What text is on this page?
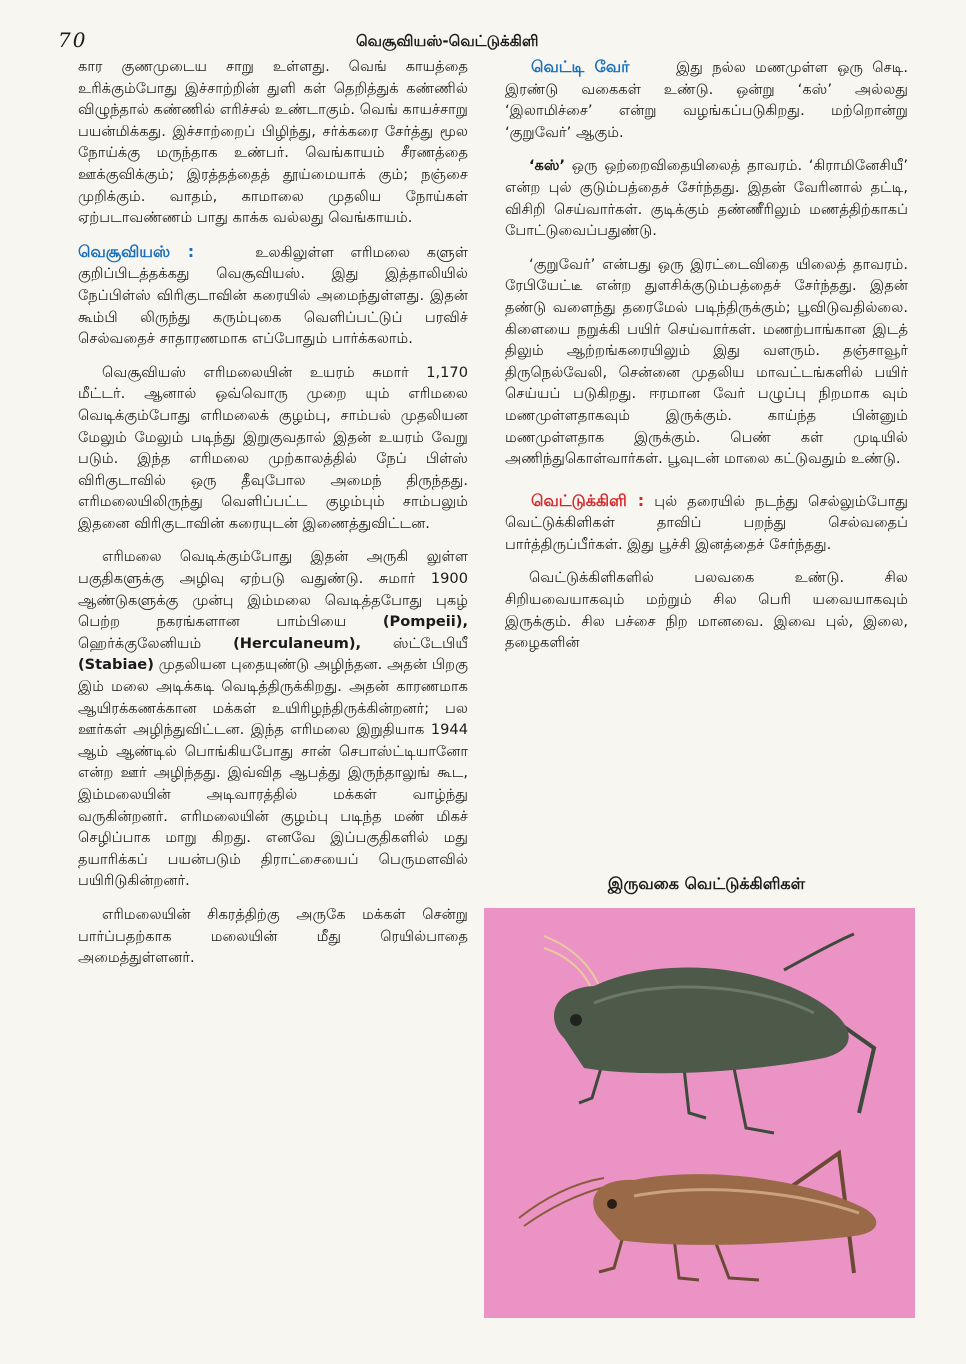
70	வெசூவியஸ்-வெட்டுக்கிளி

கார குணமுடைய சாறு உள்ளது. வெங் காயத்தை உரிக்கும்போது இச்சாற்றின் துளி கள் தெறித்துக் கண்ணில் விழுந்தால் கண்ணில் எரிச்சல் உண்டாகும். வெங் காயச்சாறு பயன்மிக்கது. இச்சாற்றைப் பிழிந்து, சர்க்கரை சேர்த்து மூல நோய்க்கு மருந்தாக உண்பர். வெங்காயம் சீரணத்தை ஊக்குவிக்கும்; இரத்தத்தைத் தூய்மையாக் கும்; நஞ்சை முறிக்கும். வாதம், காமாலை முதலிய நோய்கள் ஏற்படாவண்ணம் பாது காக்க வல்லது வெங்காயம்.

வெசூவியஸ் :	உலகிலுள்ள எரிமலை களுள் குறிப்பிடத்தக்கது வெசூவியஸ். இது இத்தாலியில் நேப்பிள்ஸ் விரிகுடாவின் கரையில் அமைந்துள்ளது. இதன் கூம்பி லிருந்து கரும்புகை வெளிப்பட்டுப் பரவிச் செல்வதைச் சாதாரணமாக எப்போதும் பார்க்கலாம்.

வெசூவியஸ் எரிமலையின் உயரம் சுமார் 1,170 மீட்டர். ஆனால் ஒவ்வொரு முறை யும் எரிமலை வெடிக்கும்போது எரிமலைக் குழம்பு, சாம்பல் முதலியன மேலும் மேலும் படிந்து இறுகுவதால் இதன் உயரம் வேறு படும். இந்த எரிமலை முற்காலத்தில் நேப் பிள்ஸ் விரிகுடாவில் ஒரு தீவுபோல அமைந் திருந்தது. எரிமலையிலிருந்து வெளிப்பட்ட குழம்பும் சாம்பலும் இதனை விரிகுடாவின் கரையுடன் இணைத்துவிட்டன.

எரிமலை வெடிக்கும்போது இதன் அருகி லுள்ள பகுதிகளுக்கு அழிவு ஏற்படு வதுண்டு. சுமார் 1900 ஆண்டுகளுக்கு முன்பு இம்மலை வெடித்தபோது புகழ் பெற்ற நகரங்களான பாம்பியை	(Pompeii), ஹெர்க்குலேனியம் (Herculaneum), ஸ்ட்டேபியீ (Stabiae) முதலியன புதையுண்டு அழிந்தன. அதன் பிறகு இம் மலை அடிக்கடி வெடித்திருக்கிறது. அதன் காரணமாக ஆயிரக்கணக்கான மக்கள் உயிரிழந்திருக்கின்றனர்; பல ஊர்கள் அழிந்துவிட்டன. இந்த எரிமலை இறுதியாக 1944 ஆம் ஆண்டில் பொங்கியபோது சான் செபாஸ்ட்டியானோ என்ற ஊர் அழிந்தது. இவ்வித ஆபத்து இருந்தாலுங் கூட, இம்மலையின் அடிவாரத்தில் மக்கள் வாழ்ந்து வருகின்றனர். எரிமலையின் குழம்பு படிந்த மண் மிகச் செழிப்பாக மாறு கிறது. எனவே இப்பகுதிகளில் மது தயாரிக்கப் பயன்படும் திராட்சையைப் பெருமளவில் பயிரிடுகின்றனர்.

எரிமலையின் சிகரத்திற்கு அருகே மக்கள் சென்று பார்ப்பதற்காக மலையின் மீது ரெயில்பாதை அமைத்துள்ளனர்.

வெட்டி வேர்	இது நல்ல மணமுள்ள ஒரு செடி. இரண்டு வகைகள் உண்டு. ஒன்று ‘கஸ்’ அல்லது ‘இலாமிச்சை’ என்று வழங்கப்படுகிறது. மற்றொன்று ‘குறுவேர்’ ஆகும்.

‘கஸ்’ ஒரு ஒற்றைவிதையிலைத் தாவரம். ‘கிராமினேசியீ’ என்ற புல் குடும்பத்தைச் சேர்ந்தது. இதன் வேரினால் தட்டி, விசிறி செய்வார்கள். குடிக்கும் தண்ணீரிலும் மணத்திற்காகப் போட்டுவைப்பதுண்டு.

‘குறுவேர்’ என்பது ஒரு இரட்டைவிதை யிலைத் தாவரம். ரேபியேட்டீ என்ற துளசிக்குடும்பத்தைச் சேர்ந்தது. இதன் தண்டு வளைந்து தரைமேல் படிந்திருக்கும்; பூவிடுவதில்லை. கிளையை நறுக்கி பயிர் செய்வார்கள். மணற்பாங்கான இடத் திலும் ஆற்றங்கரையிலும் இது வளரும். தஞ்சாவூர் திருநெல்வேலி, சென்னை முதலிய மாவட்டங்களில் பயிர் செய்யப் படுகிறது. ஈரமான வேர் பழுப்பு நிறமாக வும் மணமுள்ளதாகவும் இருக்கும். காய்ந்த பின்னும் மணமுள்ளதாக இருக்கும். பெண் கள் முடியில் அணிந்துகொள்வார்கள். பூவுடன் மாலை கட்டுவதும் உண்டு.

வெட்டுக்கிளி : புல் தரையில் நடந்து செல்லும்போது வெட்டுக்கிளிகள் தாவிப் பறந்து செல்வதைப் பார்த்திருப்பீர்கள். இது பூச்சி இனத்தைச் சேர்ந்தது.

வெட்டுக்கிளிகளில் பலவகை உண்டு. சில சிறியவையாகவும் மற்றும் சில பெரி யவையாகவும் இருக்கும். சில பச்சை நிற மானவை. இவை புல், இலை, தழைகளின்

இருவகை வெட்டுக்கிளிகள்
